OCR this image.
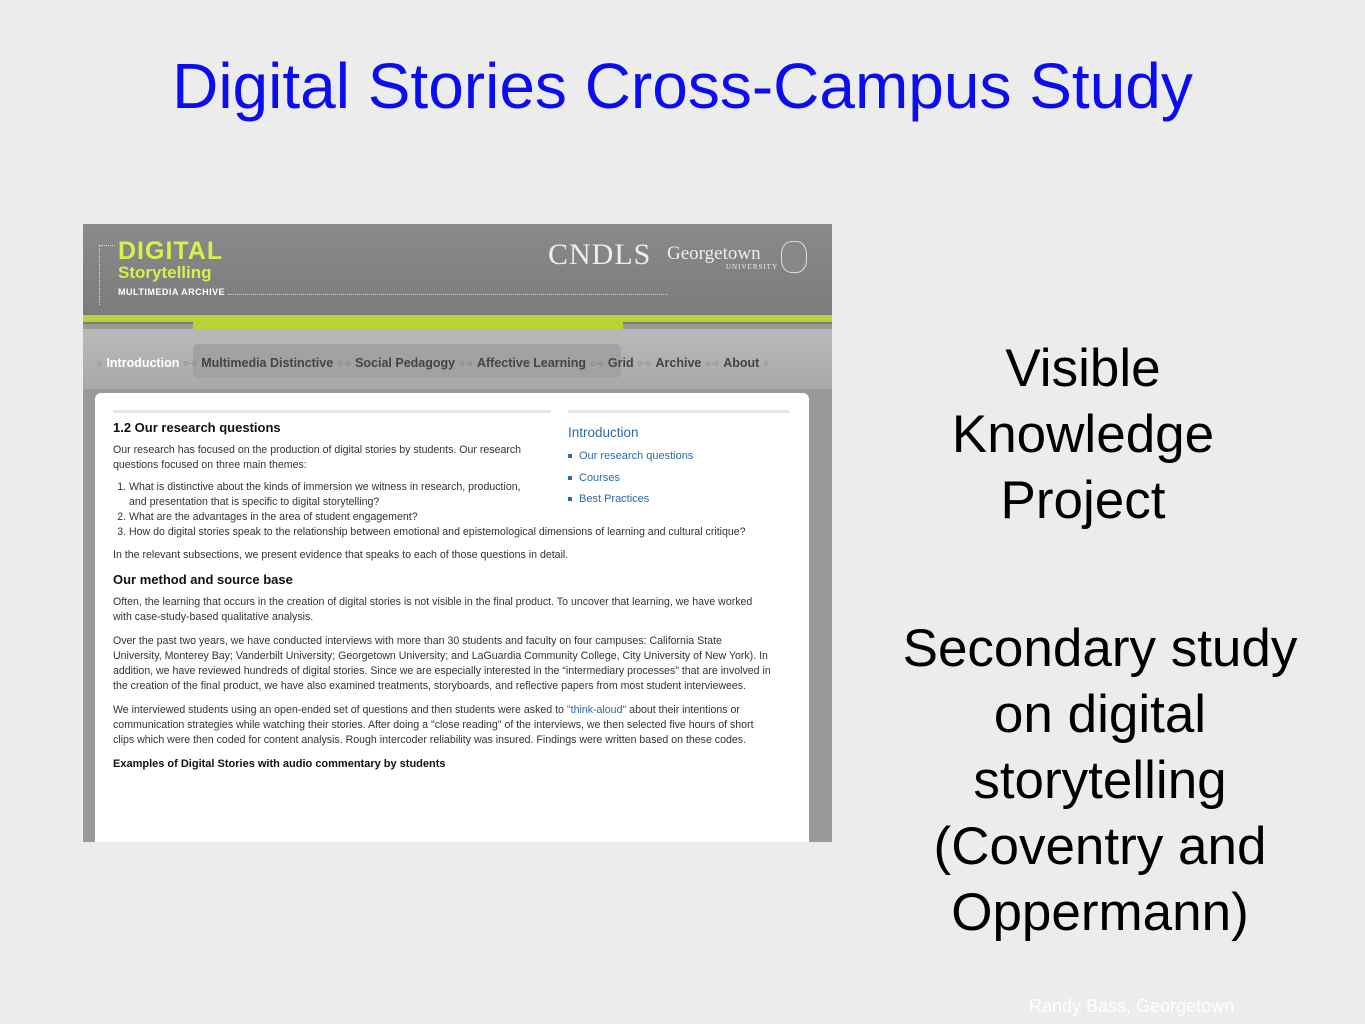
Digital Stories Cross-Campus Study
Visible
Knowledge
Project
Secondary study
on digital
storytelling
(Coventry and
Oppermann)
Randy Bass, Georgetown
DIGITAL
Storytelling
MULTIMEDIA ARCHIVE
CNDLS Georgetown
UNIVERSITY
○ Introduction ○·○ Multimedia Distinctive ○·○ Social Pedagogy ○·○ Affective Learning ○·○ Grid ○·○ Archive ○·○ About ○
1.2 Our research questions

Our research has focused on the production of digital stories by students. Our research questions focused on three main themes:

1. What is distinctive about the kinds of immersion we witness in research, production, and presentation that is specific to digital storytelling?
2. What are the advantages in the area of student engagement?
3. How do digital stories speak to the relationship between emotional and epistemological dimensions of learning and cultural critique?

In the relevant subsections, we present evidence that speaks to each of those questions in detail.

Our method and source base

Often, the learning that occurs in the creation of digital stories is not visible in the final product. To uncover that learning, we have worked with case-study-based qualitative analysis.

Over the past two years, we have conducted interviews with more than 30 students and faculty on four campuses: California State University, Monterey Bay; Vanderbilt University; Georgetown University; and LaGuardia Community College, City University of New York). In addition, we have reviewed hundreds of digital stories. Since we are especially interested in the “intermediary processes” that are involved in the creation of the final product, we have also examined treatments, storyboards, and reflective papers from most student interviewees.

We interviewed students using an open-ended set of questions and then students were asked to "think-aloud" about their intentions or communication strategies while watching their stories. After doing a "close reading" of the interviews, we then selected five hours of short clips which were then coded for content analysis. Rough intercoder reliability was insured. Findings were written based on these codes.

Examples of Digital Stories with audio commentary by students
Introduction
Our research questions
Courses
Best Practices
